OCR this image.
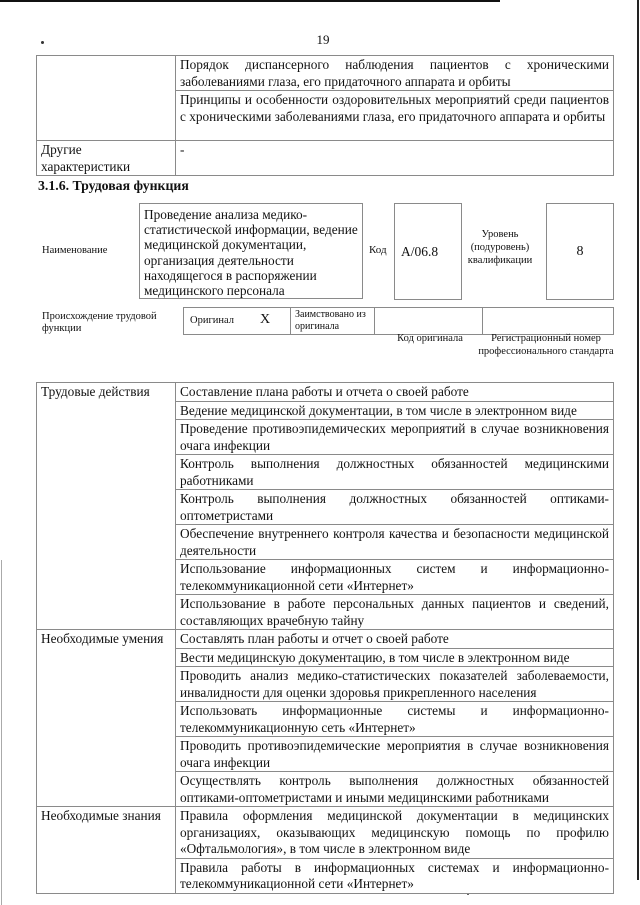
19
	Порядок диспансерного наблюдения пациентов с хроническими заболеваниями глаза, его придаточного аппарата и орбиты
	Принципы и особенности оздоровительных мероприятий среди пациентов с хроническими заболеваниями глаза, его придаточного аппарата и орбиты
Другие характеристики	-
3.1.6. Трудовая функция
Наименование
Проведение анализа медико-статистической информации, ведение медицинской документации, организация деятельности находящегося в распоряжении медицинского персонала
Код A/06.8
Уровень (подуровень) квалификации
8
Происхождение трудовой функции
Оригинал X Заимствовано из оригинала
Код оригинала	Регистрационный номер профессионального стандарта
Трудовые действия	Составление плана работы и отчета о своей работе
	Ведение медицинской документации, в том числе в электронном виде
	Проведение противоэпидемических мероприятий в случае возникновения очага инфекции
	Контроль выполнения должностных обязанностей медицинскими работниками
	Контроль выполнения должностных обязанностей оптиками-оптометристами
	Обеспечение внутреннего контроля качества и безопасности медицинской деятельности
	Использование информационных систем и информационно-телекоммуникационной сети «Интернет»
	Использование в работе персональных данных пациентов и сведений, составляющих врачебную тайну
Необходимые умения	Составлять план работы и отчет о своей работе
	Вести медицинскую документацию, в том числе в электронном виде
	Проводить анализ медико-статистических показателей заболеваемости, инвалидности для оценки здоровья прикрепленного населения
	Использовать информационные системы и информационно-телекоммуникационную сеть «Интернет»
	Проводить противоэпидемические мероприятия в случае возникновения очага инфекции
	Осуществлять контроль выполнения должностных обязанностей оптиками-оптометристами и иными медицинскими работниками
Необходимые знания	Правила оформления медицинской документации в медицинских организациях, оказывающих медицинскую помощь по профилю «Офтальмология», в том числе в электронном виде
	Правила работы в информационных системах и информационно-телекоммуникационной сети «Интернет»
